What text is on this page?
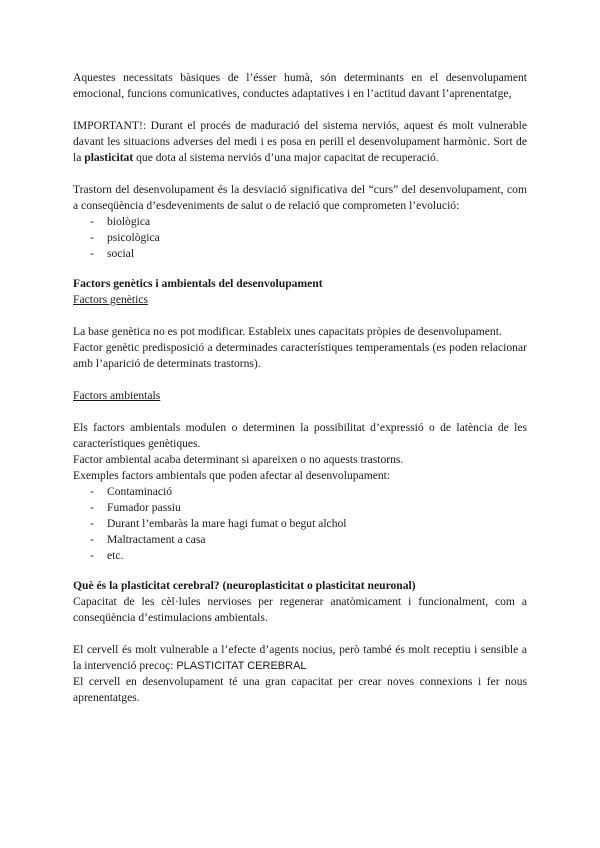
Aquestes necessitats bàsiques de l’ésser humà, són determinants en el desenvolupament emocional, funcions comunicatives, conductes adaptatives i en l’actitud davant l’aprenentatge,

IMPORTANT!: Durant el procés de maduració del sistema nerviós, aquest és molt vulnerable davant les situacions adverses del medi i es posa en perill el desenvolupament harmònic. Sort de la plasticitat que dota al sistema nerviós d’una major capacitat de recuperació.

Trastorn del desenvolupament és la desviació significativa del “curs” del desenvolupament, com a conseqüència d’esdeveniments de salut o de relació que comprometen l’evolució:

- biològica
- psicològica
- social
Factors genètics i ambientals del desenvolupament

Factors genètics

La base genètica no es pot modificar. Estableix unes capacitats pròpies de desenvolupament.

Factor genètic predisposició a determinades característiques temperamentals (es poden relacionar amb l’aparició de determinats trastorns).

Factors ambientals

Els factors ambientals modulen o determinen la possibilitat d’expressió o de latència de les característiques genètiques.

Factor ambiental acaba determinant si apareixen o no aquests trastorns.

Exemples factors ambientals que poden afectar al desenvolupament:

- Contaminació
- Fumador passiu
- Durant l’embaràs la mare hagi fumat o begut alchol
- Maltractament a casa
- etc.
Què és la plasticitat cerebral? (neuroplasticitat o plasticitat neuronal)

Capacitat de les cèl·lules nervioses per regenerar anatòmicament i funcionalment, com a conseqüència d’estimulacions ambientals.

El cervell és molt vulnerable a l’efecte d’agents nocius, però també és molt receptiu i sensible a la intervenció precoç: PLASTICITAT CEREBRAL

El cervell en desenvolupament té una gran capacitat per crear noves connexions i fer nous aprenentatges.
